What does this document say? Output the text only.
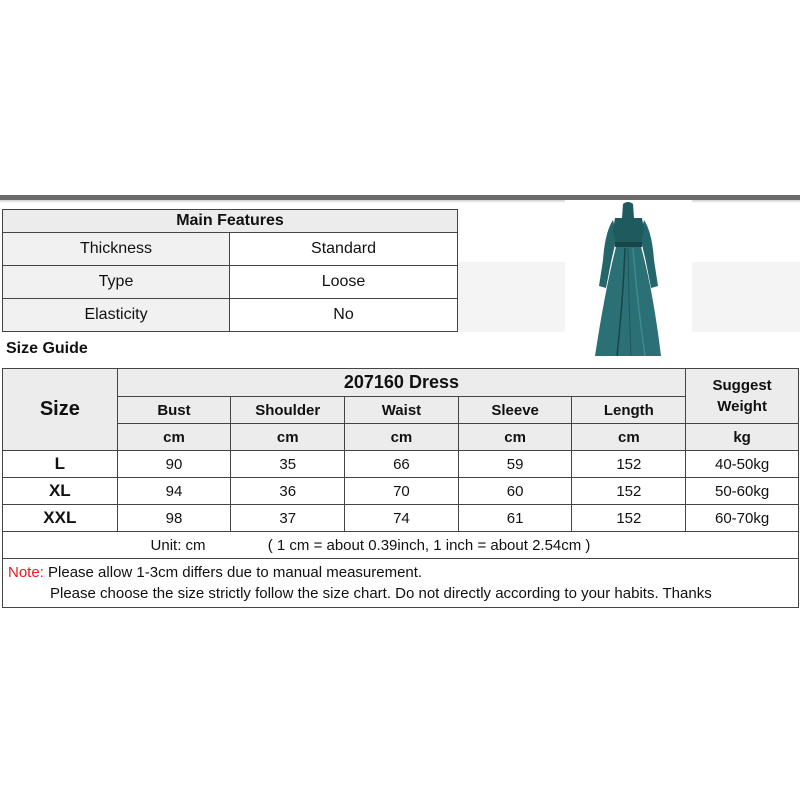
Main Features	
Thickness	Standard
Type	Loose
Elasticity	No
Size Guide
Size	207160 Dress					Suggest
Weight
	Bust	Shoulder	Waist	Sleeve	Length	
	cm	cm	cm	cm	cm	kg
L	90	35	66	59	152	40-50kg
XL	94	36	70	60	152	50-60kg
XXL	98	37	74	61	152	60-70kg
Unit: cm ( 1 cm = about 0.39inch, 1 inch = about 2.54cm )						
Note: Please allow 1-3cm differs due to manual measurement.
Please choose the size strictly follow the size chart. Do not directly according to your habits. Thanks						
